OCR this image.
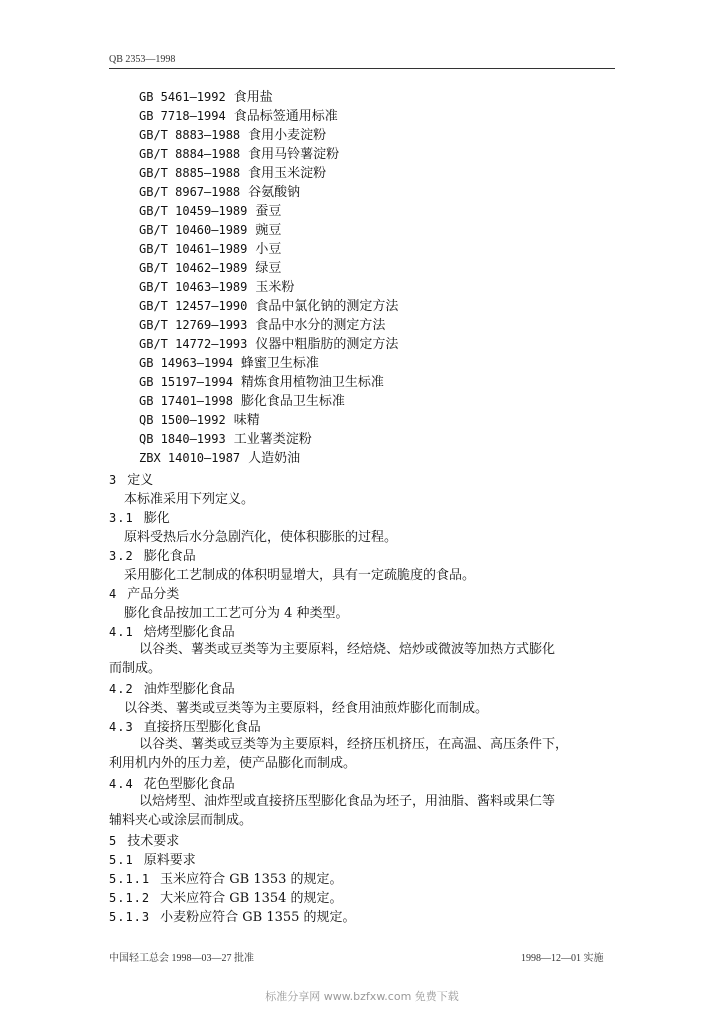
QB 2353—1998
GB 5461—1992 食用盐
GB 7718—1994 食品标签通用标准
GB/T 8883—1988 食用小麦淀粉
GB/T 8884—1988 食用马铃薯淀粉
GB/T 8885—1988 食用玉米淀粉
GB/T 8967—1988 谷氨酸钠
GB/T 10459—1989 蚕豆
GB/T 10460—1989 豌豆
GB/T 10461—1989 小豆
GB/T 10462—1989 绿豆
GB/T 10463—1989 玉米粉
GB/T 12457—1990 食品中氯化钠的测定方法
GB/T 12769—1993 食品中水分的测定方法
GB/T 14772—1993 仪器中粗脂肪的测定方法
GB 14963—1994 蜂蜜卫生标准
GB 15197—1994 精炼食用植物油卫生标准
GB 17401—1998 膨化食品卫生标准
QB 1500—1992 味精
QB 1840—1993 工业薯类淀粉
ZBX 14010—1987 人造奶油
3 定义
本标准采用下列定义。
3.1 膨化
原料受热后水分急剧汽化，使体积膨胀的过程。
3.2 膨化食品
采用膨化工艺制成的体积明显增大，具有一定疏脆度的食品。
4 产品分类
膨化食品按加工工艺可分为 4 种类型。
4.1 焙烤型膨化食品
以谷类、薯类或豆类等为主要原料，经焙烧、焙炒或微波等加热方式膨化
而制成。
4.2 油炸型膨化食品
以谷类、薯类或豆类等为主要原料，经食用油煎炸膨化而制成。
4.3 直接挤压型膨化食品
以谷类、薯类或豆类等为主要原料，经挤压机挤压，在高温、高压条件下，
利用机内外的压力差，使产品膨化而制成。
4.4 花色型膨化食品
以焙烤型、油炸型或直接挤压型膨化食品为坯子，用油脂、酱料或果仁等
辅料夹心或涂层而制成。
5 技术要求
5.1 原料要求
5.1.1 玉米应符合 GB 1353 的规定。
5.1.2 大米应符合 GB 1354 的规定。
5.1.3 小麦粉应符合 GB 1355 的规定。
中国轻工总会 1998—03—27 批准	1998—12—01 实施
标准分享网 www.bzfxw.com 免费下载
